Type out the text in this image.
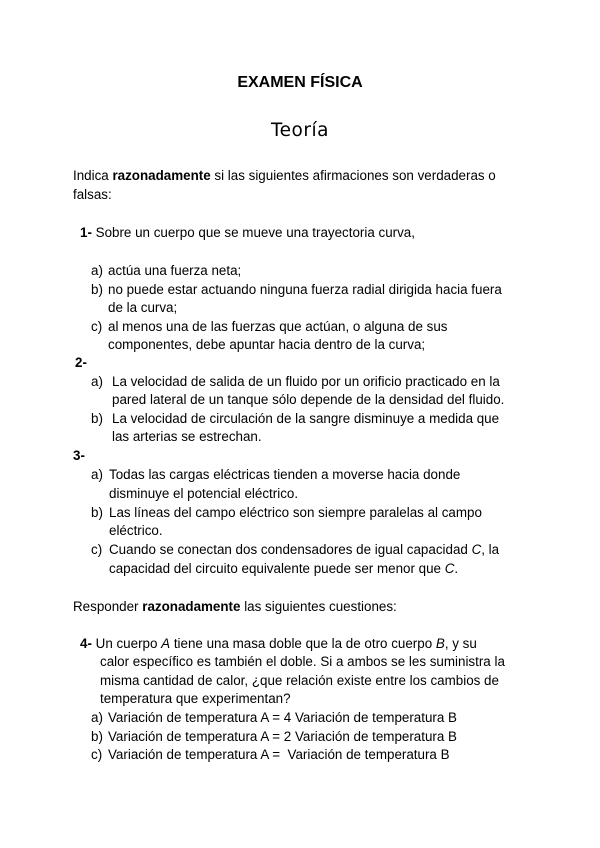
EXAMEN FÍSICA
Teoría
Indica razonadamente si las siguientes afirmaciones son verdaderas o
falsas:
1- Sobre un cuerpo que se mueve una trayectoria curva,
a) actúa una fuerza neta;
b) no puede estar actuando ninguna fuerza radial dirigida hacia fuera
de la curva;
c) al menos una de las fuerzas que actúan, o alguna de sus
componentes, debe apuntar hacia dentro de la curva;
2-
a) La velocidad de salida de un fluido por un orificio practicado en la
pared lateral de un tanque sólo depende de la densidad del fluido.
b) La velocidad de circulación de la sangre disminuye a medida que
las arterias se estrechan.
3-
a) Todas las cargas eléctricas tienden a moverse hacia donde
disminuye el potencial eléctrico.
b) Las líneas del campo eléctrico son siempre paralelas al campo
eléctrico.
c) Cuando se conectan dos condensadores de igual capacidad C, la
capacidad del circuito equivalente puede ser menor que C.
Responder razonadamente las siguientes cuestiones:
4- Un cuerpo A tiene una masa doble que la de otro cuerpo B, y su
calor específico es también el doble. Si a ambos se les suministra la
misma cantidad de calor, ¿que relación existe entre los cambios de
temperatura que experimentan?
a) Variación de temperatura A = 4 Variación de temperatura B
b) Variación de temperatura A = 2 Variación de temperatura B
c) Variación de temperatura A =  Variación de temperatura B
